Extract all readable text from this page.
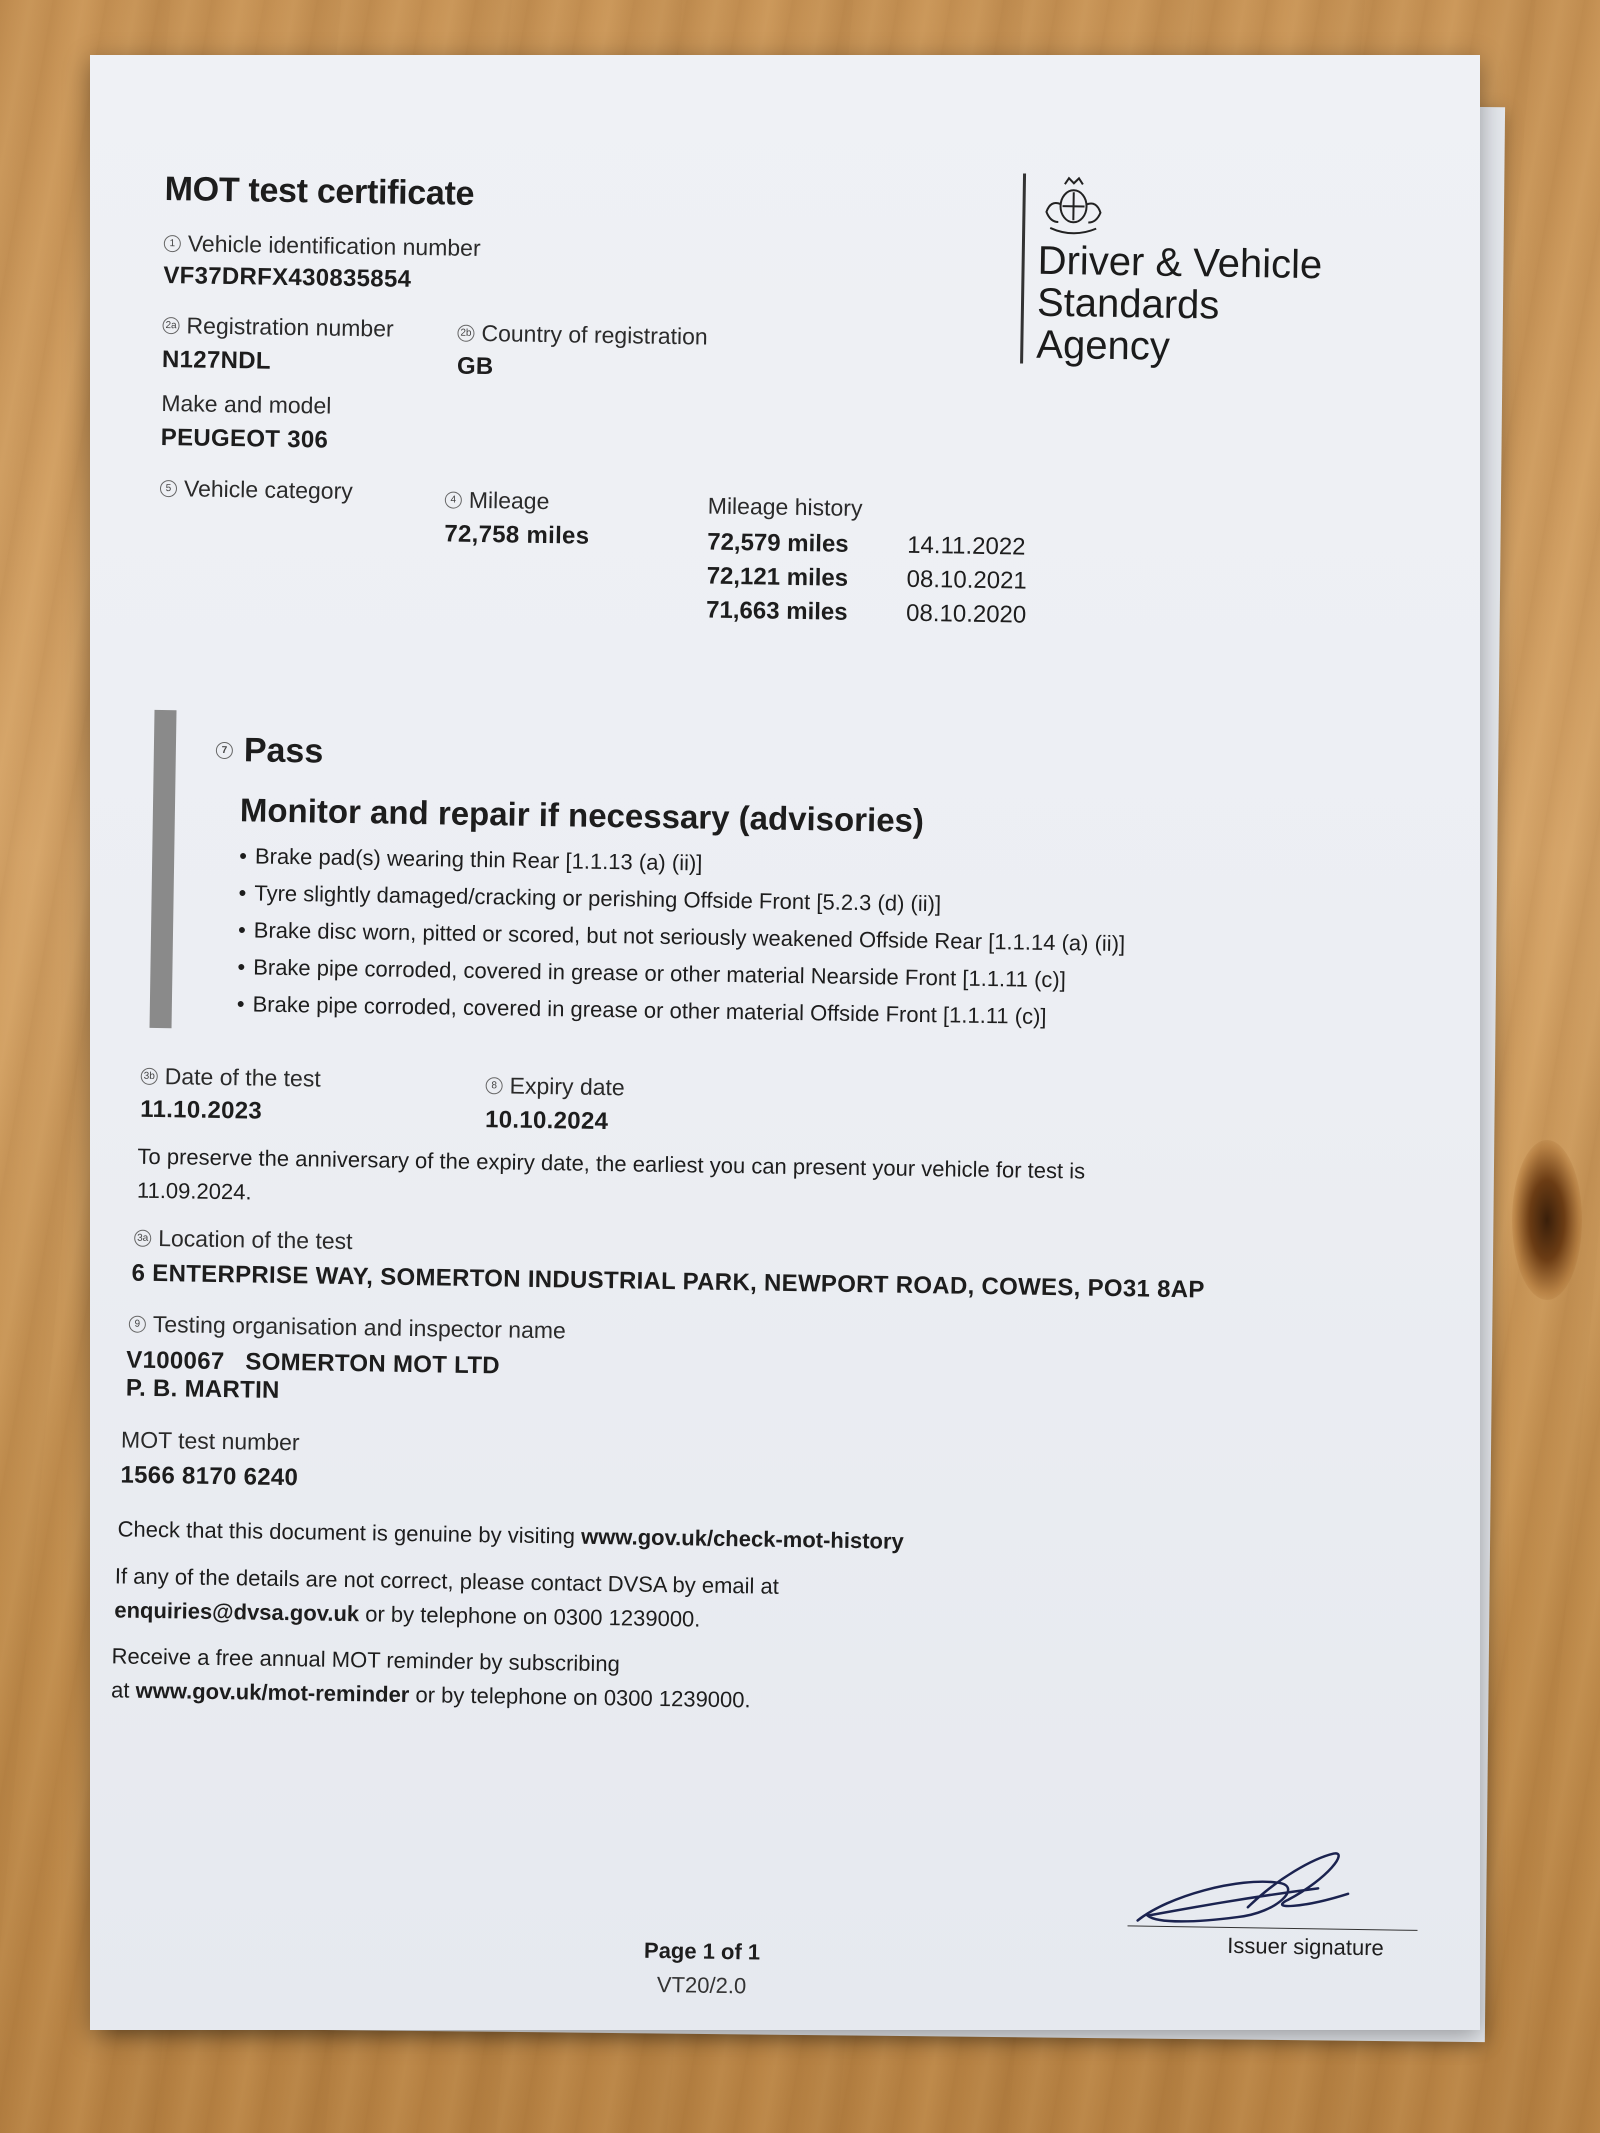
MOT test certificate
1 Vehicle identification number
VF37DRFX430835854
2a Registration number
N127NDL
2b Country of registration
GB
Make and model
PEUGEOT 306
5 Vehicle category	4 Mileage
72,758 miles
Mileage history
72,579 miles	14.11.2022
72,121 miles	08.10.2021
71,663 miles	08.10.2020
Driver & Vehicle
Standards
Agency
7 Pass
Monitor and repair if necessary (advisories)
• Brake pad(s) wearing thin Rear [1.1.13 (a) (ii)]
• Tyre slightly damaged/cracking or perishing Offside Front [5.2.3 (d) (ii)]
• Brake disc worn, pitted or scored, but not seriously weakened Offside Rear [1.1.14 (a) (ii)]
• Brake pipe corroded, covered in grease or other material Nearside Front [1.1.11 (c)]
• Brake pipe corroded, covered in grease or other material Offside Front [1.1.11 (c)]
3b Date of the test
11.10.2023
8 Expiry date
10.10.2024
To preserve the anniversary of the expiry date, the earliest you can present your vehicle for test is
11.09.2024.
3a Location of the test
6 ENTERPRISE WAY, SOMERTON INDUSTRIAL PARK, NEWPORT ROAD, COWES, PO31 8AP
9 Testing organisation and inspector name
V100067   SOMERTON MOT LTD
P. B. MARTIN
MOT test number
1566 8170 6240
Check that this document is genuine by visiting www.gov.uk/check-mot-history
If any of the details are not correct, please contact DVSA by email at
enquiries@dvsa.gov.uk or by telephone on 0300 1239000.
Receive a free annual MOT reminder by subscribing
at www.gov.uk/mot-reminder or by telephone on 0300 1239000.
Page 1 of 1
VT20/2.0
Issuer signature
